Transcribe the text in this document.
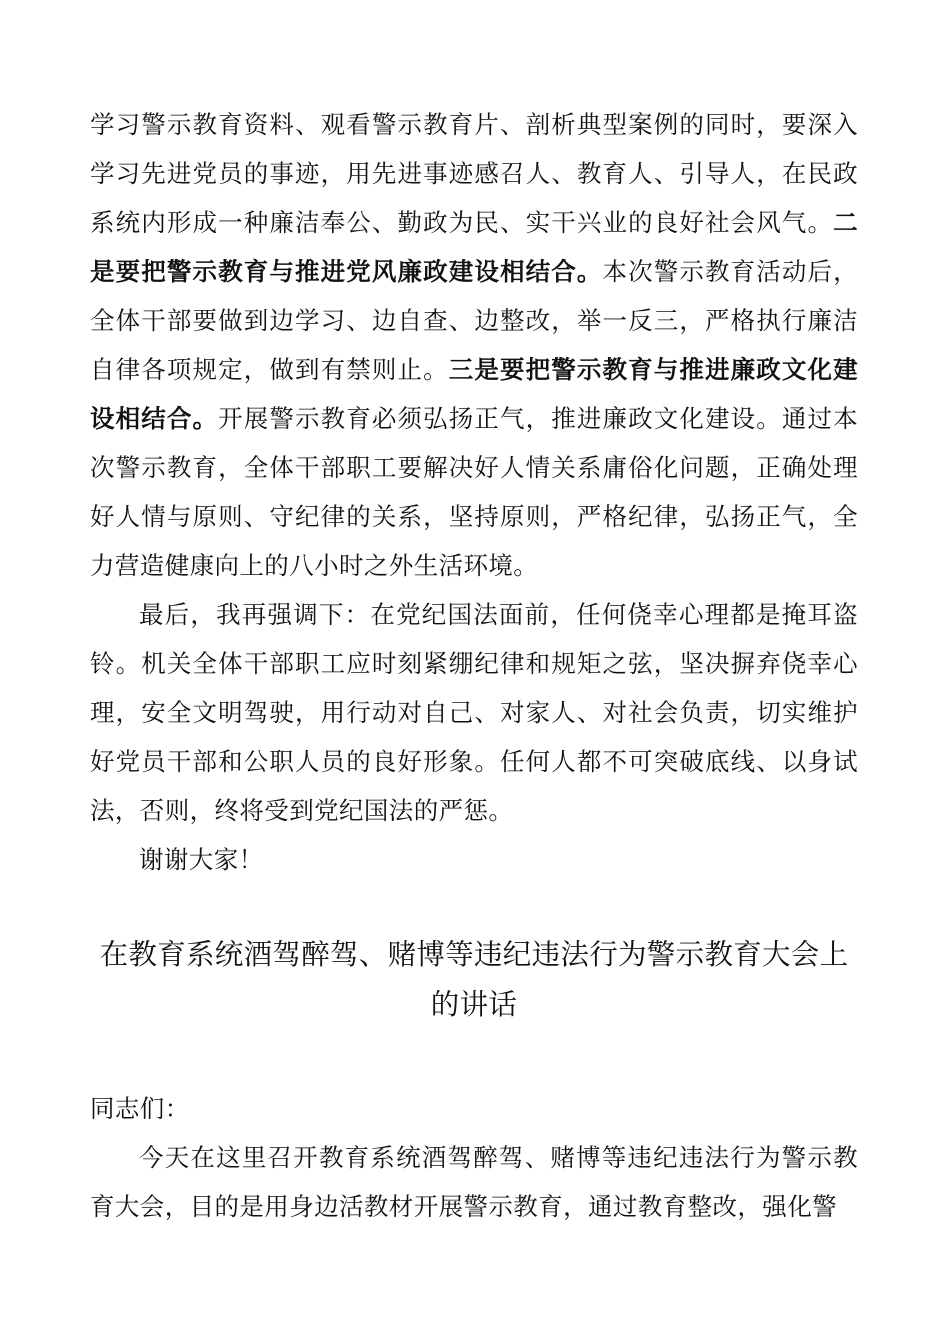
学习警示教育资料、观看警示教育片、剖析典型案例的同时，要深入学习先进党员的事迹，用先进事迹感召人、教育人、引导人，在民政系统内形成一种廉洁奉公、勤政为民、实干兴业的良好社会风气。二是要把警示教育与推进党风廉政建设相结合。本次警示教育活动后，全体干部要做到边学习、边自查、边整改，举一反三，严格执行廉洁自律各项规定，做到有禁则止。三是要把警示教育与推进廉政文化建设相结合。开展警示教育必须弘扬正气，推进廉政文化建设。通过本次警示教育，全体干部职工要解决好人情关系庸俗化问题，正确处理好人情与原则、守纪律的关系，坚持原则，严格纪律，弘扬正气，全力营造健康向上的八小时之外生活环境。

最后，我再强调下：在党纪国法面前，任何侥幸心理都是掩耳盗铃。机关全体干部职工应时刻紧绷纪律和规矩之弦，坚决摒弃侥幸心理，安全文明驾驶，用行动对自己、对家人、对社会负责，切实维护好党员干部和公职人员的良好形象。任何人都不可突破底线、以身试法，否则，终将受到党纪国法的严惩。

谢谢大家！

在教育系统酒驾醉驾、赌博等违纪违法行为警示教育大会上的讲话

同志们：

今天在这里召开教育系统酒驾醉驾、赌博等违纪违法行为警示教育大会，目的是用身边活教材开展警示教育，通过教育整改，强化警
